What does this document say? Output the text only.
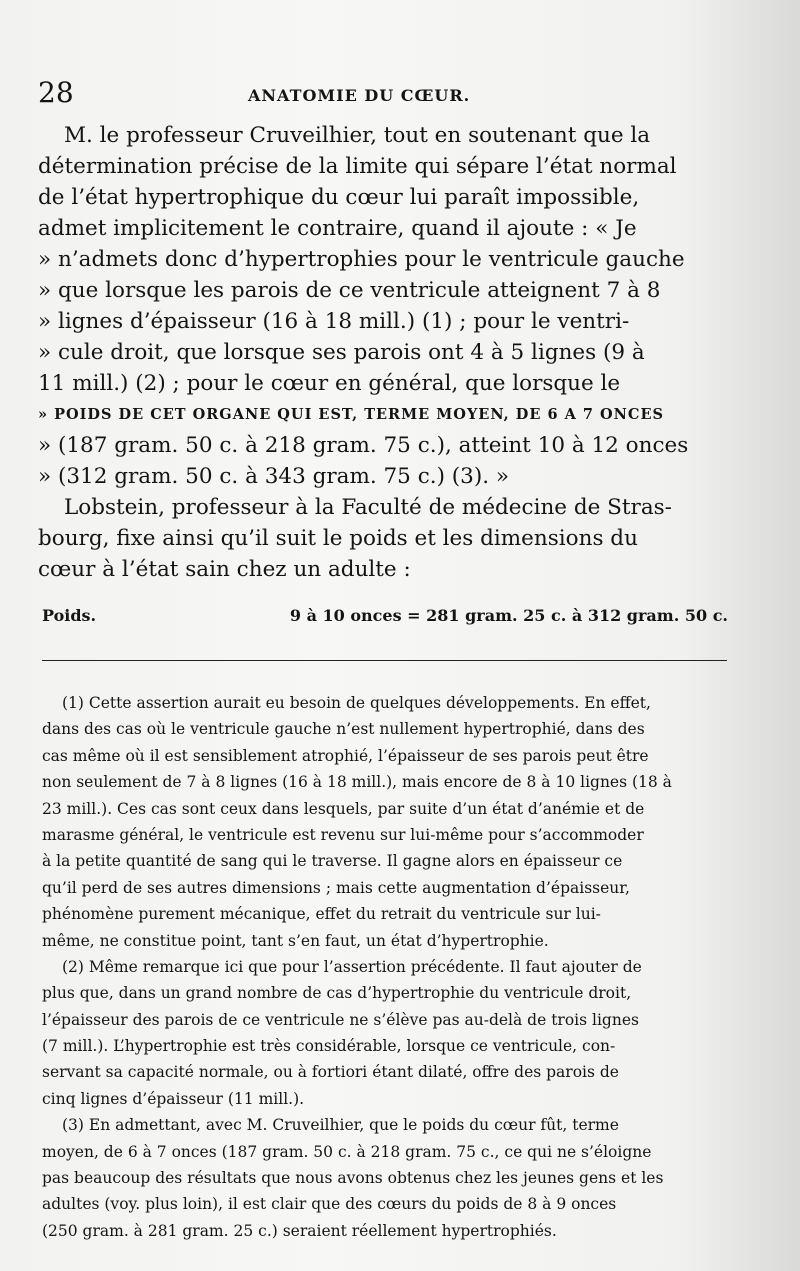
28	ANATOMIE DU CŒUR.
M. le professeur Cruveilhier, tout en soutenant que la
détermination précise de la limite qui sépare l’état normal
de l’état hypertrophique du cœur lui paraît impossible,
admet implicitement le contraire, quand il ajoute : « Je
» n’admets donc d’hypertrophies pour le ventricule gauche
» que lorsque les parois de ce ventricule atteignent 7 à 8
» lignes d’épaisseur (16 à 18 mill.) (1) ; pour le ventri-
» cule droit, que lorsque ses parois ont 4 à 5 lignes (9 à
11 mill.) (2) ; pour le cœur en général, que lorsque le
» POIDS DE CET ORGANE QUI EST, TERME MOYEN, DE 6 A 7 ONCES
» (187 gram. 50 c. à 218 gram. 75 c.), atteint 10 à 12 onces
» (312 gram. 50 c. à 343 gram. 75 c.) (3). »
Lobstein, professeur à la Faculté de médecine de Stras-
bourg, fixe ainsi qu’il suit le poids et les dimensions du
cœur à l’état sain chez un adulte :
Poids.	9 à 10 onces = 281 gram. 25 c. à 312 gram. 50 c.
(1) Cette assertion aurait eu besoin de quelques développements. En effet,
dans des cas où le ventricule gauche n’est nullement hypertrophié, dans des
cas même où il est sensiblement atrophié, l’épaisseur de ses parois peut être
non seulement de 7 à 8 lignes (16 à 18 mill.), mais encore de 8 à 10 lignes (18 à
23 mill.). Ces cas sont ceux dans lesquels, par suite d’un état d’anémie et de
marasme général, le ventricule est revenu sur lui-même pour s’accommoder
à la petite quantité de sang qui le traverse. Il gagne alors en épaisseur ce
qu’il perd de ses autres dimensions ; mais cette augmentation d’épaisseur,
phénomène purement mécanique, effet du retrait du ventricule sur lui-
même, ne constitue point, tant s’en faut, un état d’hypertrophie.
(2) Même remarque ici que pour l’assertion précédente. Il faut ajouter de
plus que, dans un grand nombre de cas d’hypertrophie du ventricule droit,
l’épaisseur des parois de ce ventricule ne s’élève pas au-delà de trois lignes
(7 mill.). L’hypertrophie est très considérable, lorsque ce ventricule, con-
servant sa capacité normale, ou à fortiori étant dilaté, offre des parois de
cinq lignes d’épaisseur (11 mill.).
(3) En admettant, avec M. Cruveilhier, que le poids du cœur fût, terme
moyen, de 6 à 7 onces (187 gram. 50 c. à 218 gram. 75 c., ce qui ne s’éloigne
pas beaucoup des résultats que nous avons obtenus chez les jeunes gens et les
adultes (voy. plus loin), il est clair que des cœurs du poids de 8 à 9 onces
(250 gram. à 281 gram. 25 c.) seraient réellement hypertrophiés.
